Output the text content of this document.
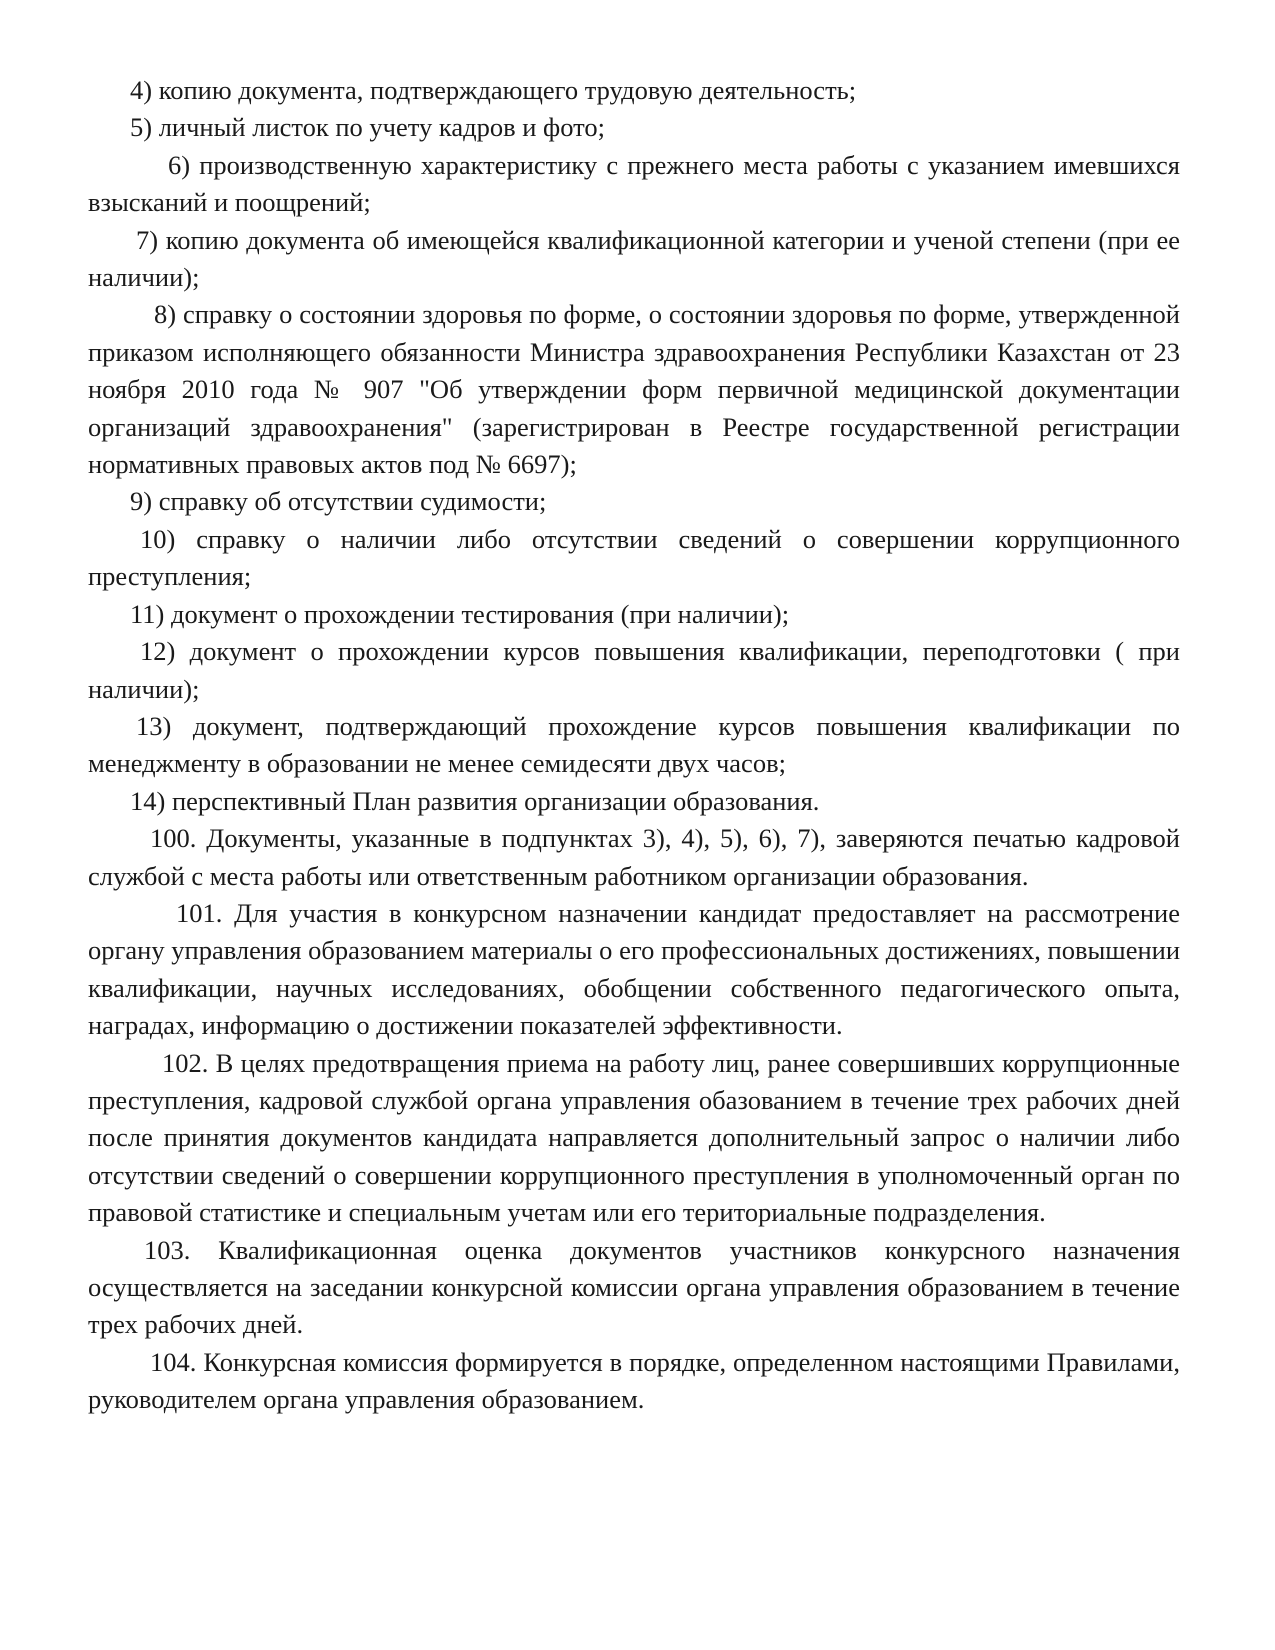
4) копию документа, подтверждающего трудовую деятельность;

5) личный листок по учету кадров и фото;

6) производственную характеристику с прежнего места работы с указанием имевшихся взысканий и поощрений;

7) копию документа об имеющейся квалификационной категории и ученой степени (при ее наличии);

8) справку о состоянии здоровья по форме, о состоянии здоровья по форме, утвержденной приказом исполняющего обязанности Министра здравоохранения Республики Казахстан от 23 ноября 2010 года № 907 "Об утверждении форм первичной медицинской документации организаций здравоохранения" (зарегистрирован в Реестре государственной регистрации нормативных правовых актов под № 6697);

9) справку об отсутствии судимости;

10) справку о наличии либо отсутствии сведений о совершении коррупционного преступления;

11) документ о прохождении тестирования (при наличии);

12) документ о прохождении курсов повышения квалификации, переподготовки ( при наличии);

13) документ, подтверждающий прохождение курсов повышения квалификации по менеджменту в образовании не менее семидесяти двух часов;

14) перспективный План развития организации образования.

100. Документы, указанные в подпунктах 3), 4), 5), 6), 7), заверяются печатью кадровой службой с места работы или ответственным работником организации образования.

101. Для участия в конкурсном назначении кандидат предоставляет на рассмотрение органу управления образованием материалы о его профессиональных достижениях, повышении квалификации, научных исследованиях, обобщении собственного педагогического опыта, наградах, информацию о достижении показателей эффективности.

102. В целях предотвращения приема на работу лиц, ранее совершивших коррупционные преступления, кадровой службой органа управления обазованием в течение трех рабочих дней после принятия документов кандидата направляется дополнительный запрос о наличии либо отсутствии сведений о совершении коррупционного преступления в уполномоченный орган по правовой статистике и специальным учетам или его териториальные подразделения.

103. Квалификационная оценка документов участников конкурсного назначения осуществляется на заседании конкурсной комиссии органа управления образованием в течение трех рабочих дней.

104. Конкурсная комиссия формируется в порядке, определенном настоящими Правилами, руководителем органа управления образованием.
